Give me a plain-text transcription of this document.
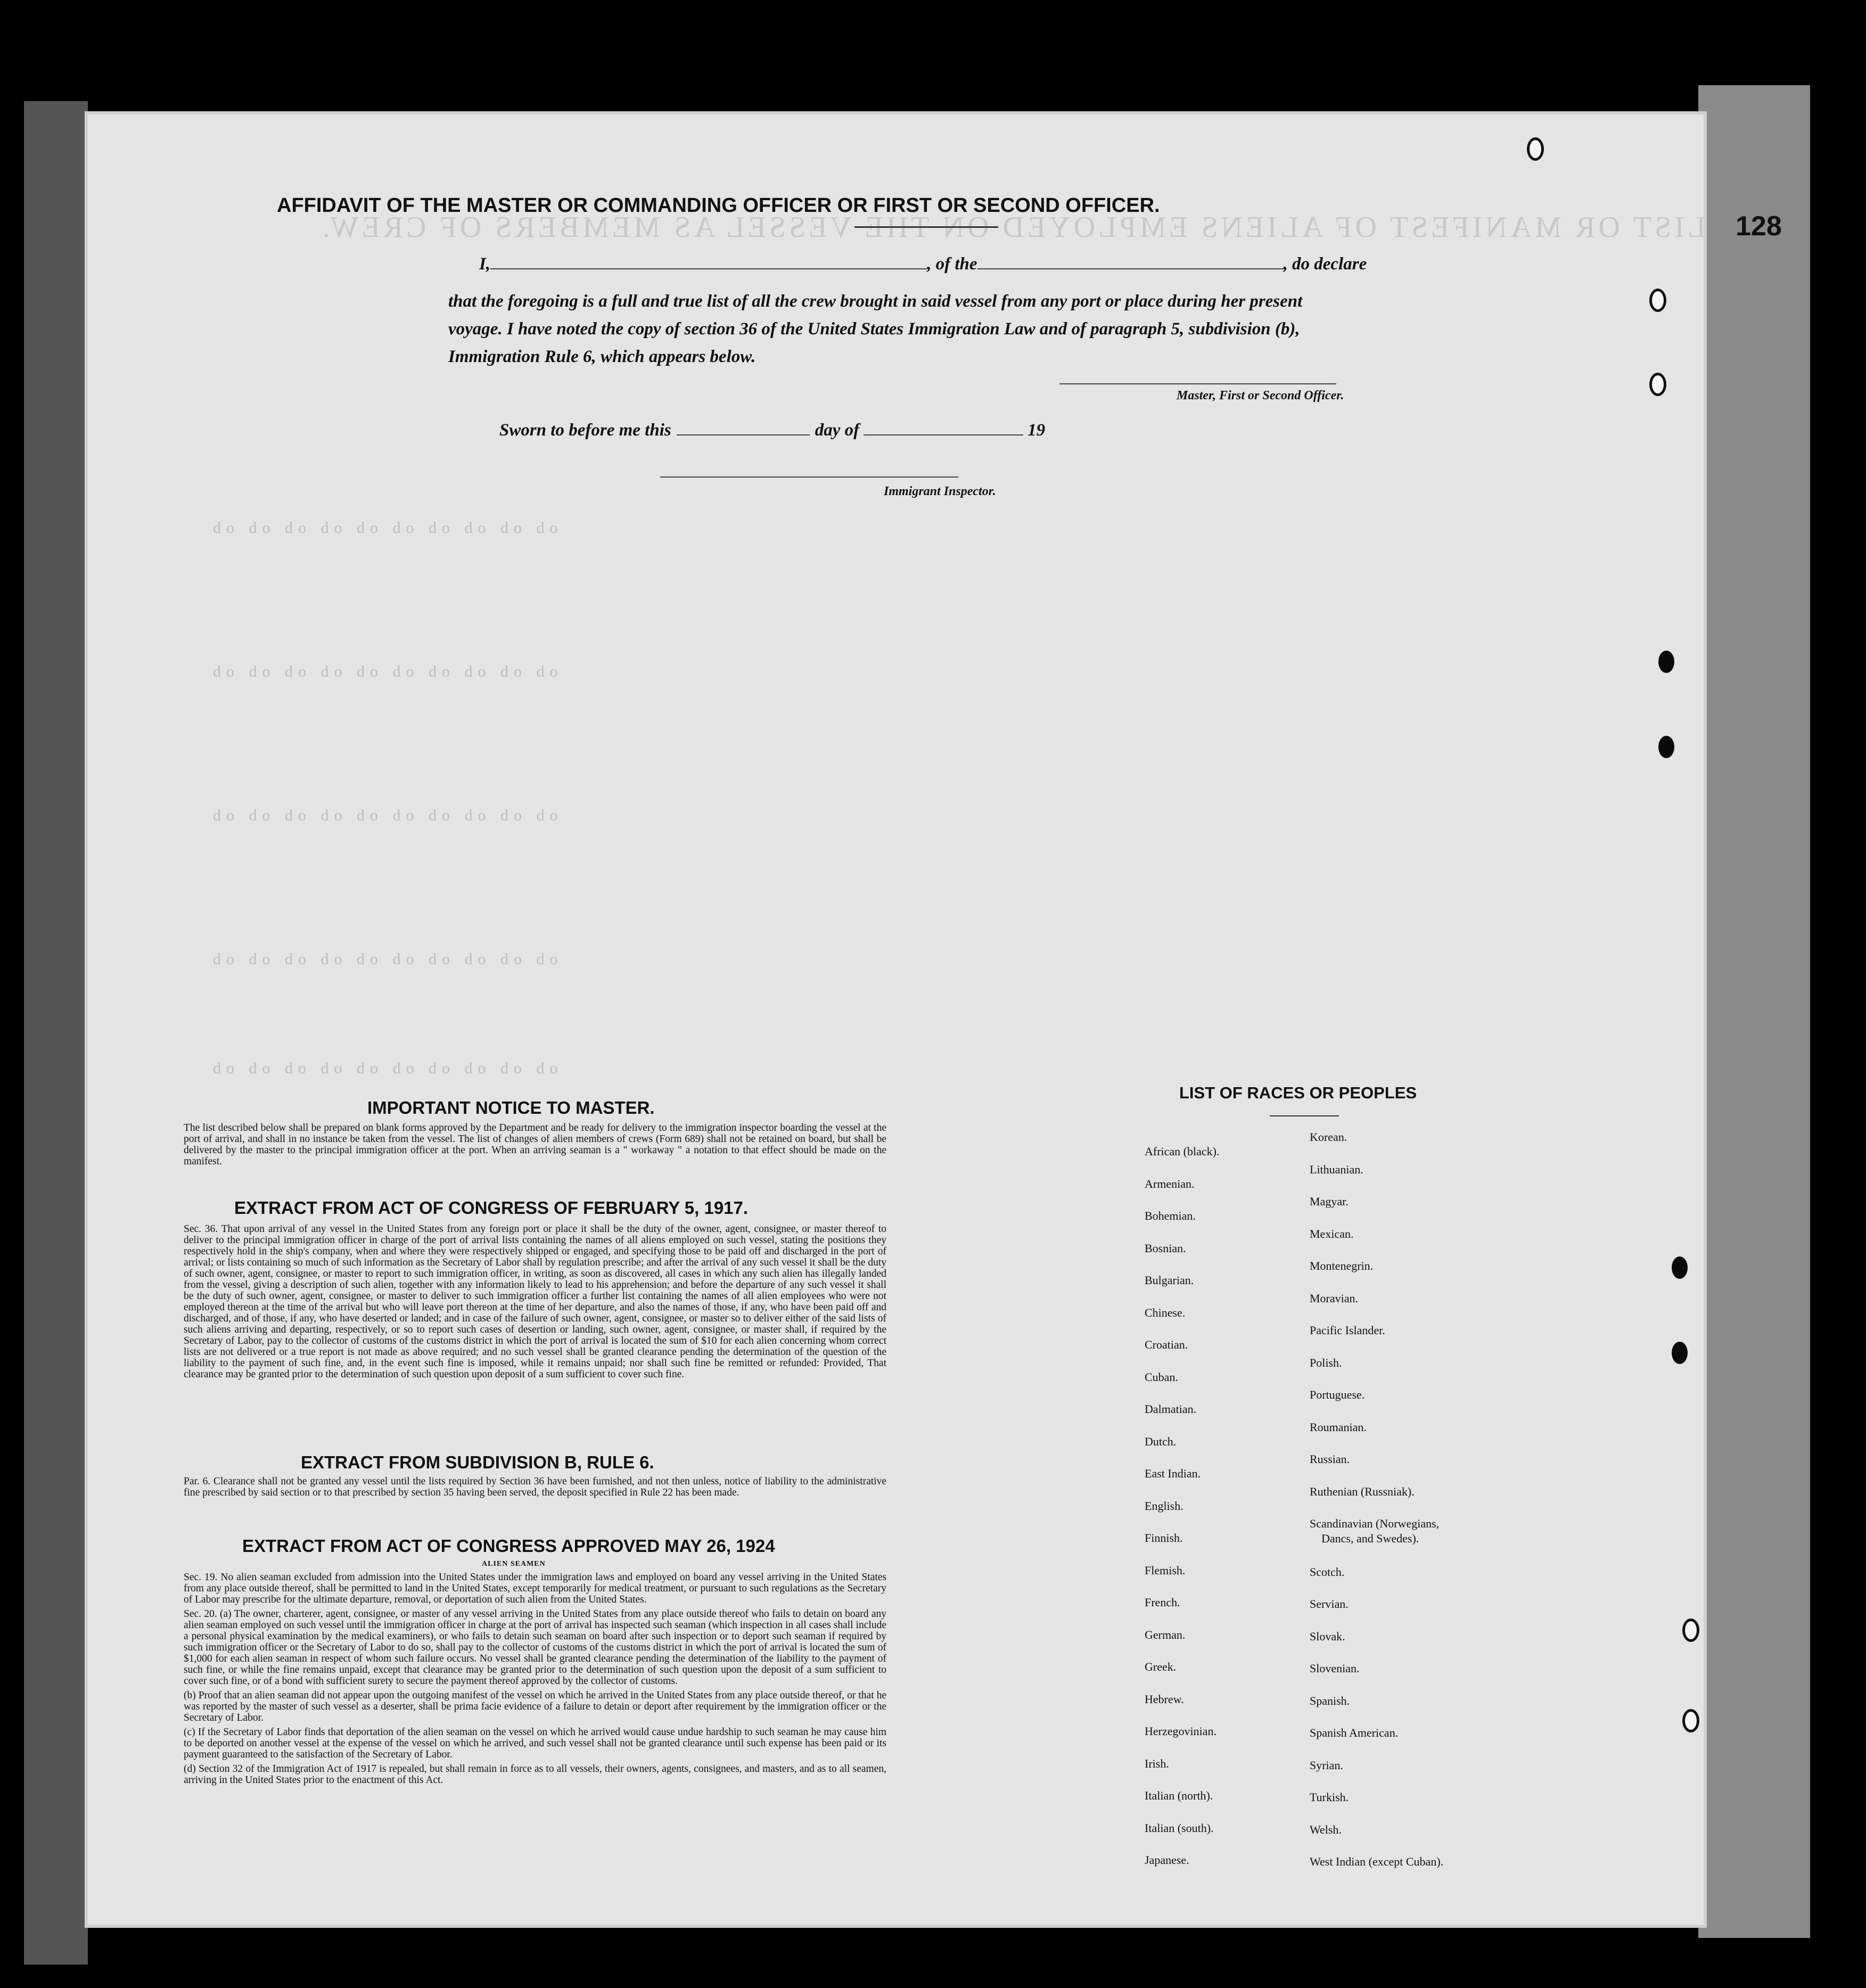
LIST OR MANIFEST OF ALIENS EMPLOYED ON THE VESSEL AS MEMBERS OF CREW. 128
AFFIDAVIT OF THE MASTER OR COMMANDING OFFICER OR FIRST OR SECOND OFFICER.
I,	, of the	, do declare
that the foregoing is a full and true list of all the crew brought in said vessel from any port or place during her present
voyage. I have noted the copy of section 36 of the United States Immigration Law and of paragraph 5, subdivision (b),
Immigration Rule 6, which appears below.
Master, First or Second Officer.
Sworn to before me this	day of	19
Immigrant Inspector.
do do do do do do do do do do
do do do do do do do do do do
do do do do do do do do do do
do do do do do do do do do do
do do do do do do do do do do
IMPORTANT NOTICE TO MASTER.
The list described below shall be prepared on blank forms approved by the Department and be ready for delivery to the immigration inspector boarding the vessel at the port of arrival, and shall in no instance be taken from the vessel. The list of changes of alien members of crews (Form 689) shall not be retained on board, but shall be delivered by the master to the principal immigration officer at the port. When an arriving seaman is a " workaway " a notation to that effect should be made on the manifest.
EXTRACT FROM ACT OF CONGRESS OF FEBRUARY 5, 1917.
Sec. 36. That upon arrival of any vessel in the United States from any foreign port or place it shall be the duty of the owner, agent, consignee, or master thereof to deliver to the principal immigration officer in charge of the port of arrival lists containing the names of all aliens employed on such vessel, stating the positions they respectively hold in the ship's company, when and where they were respectively shipped or engaged, and specifying those to be paid off and discharged in the port of arrival; or lists containing so much of such information as the Secretary of Labor shall by regulation prescribe; and after the arrival of any such vessel it shall be the duty of such owner, agent, consignee, or master to report to such immigration officer, in writing, as soon as discovered, all cases in which any such alien has illegally landed from the vessel, giving a description of such alien, together with any information likely to lead to his apprehension; and before the departure of any such vessel it shall be the duty of such owner, agent, consignee, or master to deliver to such immigration officer a further list containing the names of all alien employees who were not employed thereon at the time of the arrival but who will leave port thereon at the time of her departure, and also the names of those, if any, who have been paid off and discharged, and of those, if any, who have deserted or landed; and in case of the failure of such owner, agent, consignee, or master so to deliver either of the said lists of such aliens arriving and departing, respectively, or so to report such cases of desertion or landing, such owner, agent, consignee, or master shall, if required by the Secretary of Labor, pay to the collector of customs of the customs district in which the port of arrival is located the sum of $10 for each alien concerning whom correct lists are not delivered or a true report is not made as above required; and no such vessel shall be granted clearance pending the determination of the question of the liability to the payment of such fine, and, in the event such fine is imposed, while it remains unpaid; nor shall such fine be remitted or refunded: Provided, That clearance may be granted prior to the determination of such question upon deposit of a sum sufficient to cover such fine.
EXTRACT FROM SUBDIVISION B, RULE 6.
Par. 6. Clearance shall not be granted any vessel until the lists required by Section 36 have been furnished, and not then unless, notice of liability to the administrative fine prescribed by said section or to that prescribed by section 35 having been served, the deposit specified in Rule 22 has been made.
EXTRACT FROM ACT OF CONGRESS APPROVED MAY 26, 1924
ALIEN SEAMEN

Sec. 19. No alien seaman excluded from admission into the United States under the immigration laws and employed on board any vessel arriving in the United States from any place outside thereof, shall be permitted to land in the United States, except temporarily for medical treatment, or pursuant to such regulations as the Secretary of Labor may prescribe for the ultimate departure, removal, or deportation of such alien from the United States.

Sec. 20. (a) The owner, charterer, agent, consignee, or master of any vessel arriving in the United States from any place outside thereof who fails to detain on board any alien seaman employed on such vessel until the immigration officer in charge at the port of arrival has inspected such seaman (which inspection in all cases shall include a personal physical examination by the medical examiners), or who fails to detain such seaman on board after such inspection or to deport such seaman if required by such immigration officer or the Secretary of Labor to do so, shall pay to the collector of customs of the customs district in which the port of arrival is located the sum of $1,000 for each alien seaman in respect of whom such failure occurs. No vessel shall be granted clearance pending the determination of the liability to the payment of such fine, or while the fine remains unpaid, except that clearance may be granted prior to the determination of such question upon the deposit of a sum sufficient to cover such fine, or of a bond with sufficient surety to secure the payment thereof approved by the collector of customs.

(b) Proof that an alien seaman did not appear upon the outgoing manifest of the vessel on which he arrived in the United States from any place outside thereof, or that he was reported by the master of such vessel as a deserter, shall be prima facie evidence of a failure to detain or deport after requirement by the immigration officer or the Secretary of Labor.

(c) If the Secretary of Labor finds that deportation of the alien seaman on the vessel on which he arrived would cause undue hardship to such seaman he may cause him to be deported on another vessel at the expense of the vessel on which he arrived, and such vessel shall not be granted clearance until such expense has been paid or its payment guaranteed to the satisfaction of the Secretary of Labor.

(d) Section 32 of the Immigration Act of 1917 is repealed, but shall remain in force as to all vessels, their owners, agents, consignees, and masters, and as to all seamen, arriving in the United States prior to the enactment of this Act.

LIST OF RACES OR PEOPLES
African (black).
Armenian.
Bohemian.
Bosnian.
Bulgarian.
Chinese.
Croatian.
Cuban.
Dalmatian.
Dutch.
East Indian.
English.
Finnish.
Flemish.
French.
German.
Greek.
Hebrew.
Herzegovinian.
Irish.
Italian (north).
Italian (south).
Japanese.
Korean.
Lithuanian.
Magyar.
Mexican.
Montenegrin.
Moravian.
Pacific Islander.
Polish.
Portuguese.
Roumanian.
Russian.
Ruthenian (Russniak).
Scandinavian (Norwegians,
Dancs, and Swedes).
Scotch.
Servian.
Slovak.
Slovenian.
Spanish.
Spanish American.
Syrian.
Turkish.
Welsh.
West Indian (except Cuban).
